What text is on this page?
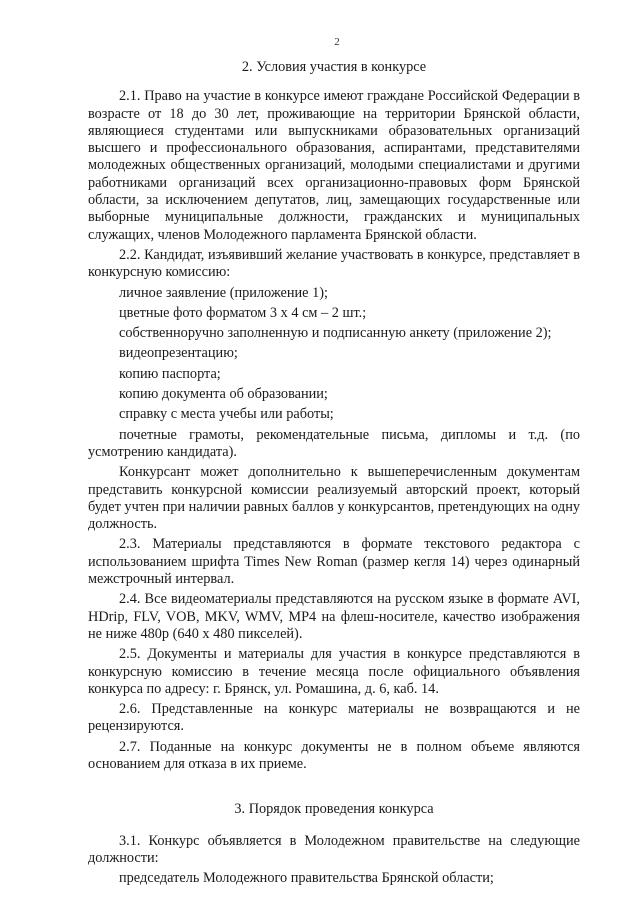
2
2. Условия участия в конкурсе

2.1. Право на участие в конкурсе имеют граждане Российской Федерации в возрасте от 18 до 30 лет, проживающие на территории Брянской области, являющиеся студентами или выпускниками образовательных организаций высшего и профессионального образования, аспирантами, представителями молодежных общественных организаций, молодыми специалистами и другими работниками организаций всех организационно-правовых форм Брянской области, за исключением депутатов, лиц, замещающих государственные или выборные муниципальные должности, гражданских и муниципальных служащих, членов Молодежного парламента Брянской области.

2.2. Кандидат, изъявивший желание участвовать в конкурсе, представляет в конкурсную комиссию:

личное заявление (приложение 1);
цветные фото форматом 3 х 4 см – 2 шт.;
собственноручно заполненную и подписанную анкету (приложение 2);
видеопрезентацию;
копию паспорта;
копию документа об образовании;
справку с места учебы или работы;

почетные грамоты, рекомендательные письма, дипломы и т.д. (по усмотрению кандидата).

Конкурсант может дополнительно к вышеперечисленным документам представить конкурсной комиссии реализуемый авторский проект, который будет учтен при наличии равных баллов у конкурсантов, претендующих на одну должность.

2.3. Материалы представляются в формате текстового редактора с использованием шрифта Times New Roman (размер кегля 14) через одинарный межстрочный интервал.

2.4. Все видеоматериалы представляются на русском языке в формате AVI, HDrip, FLV, VOB, MKV, WMV, MP4 на флеш-носителе, качество изображения не ниже 480p (640 х 480 пикселей).

2.5. Документы и материалы для участия в конкурсе представляются в конкурсную комиссию в течение месяца после официального объявления конкурса по адресу: г. Брянск, ул. Ромашина, д. 6, каб. 14.

2.6. Представленные на конкурс материалы не возвращаются и не рецензируются.

2.7. Поданные на конкурс документы не в полном объеме являются основанием для отказа в их приеме.

3. Порядок проведения конкурса

3.1. Конкурс объявляется в Молодежном правительстве на следующие должности:

председатель Молодежного правительства Брянской области;
